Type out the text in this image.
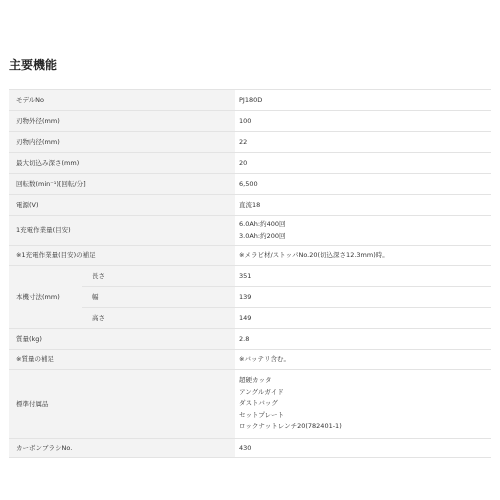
主要機能
モデルNo		PJ180D
刃物外径(mm)		100
刃物内径(mm)		22
最大切込み深さ(mm)		20
回転数(min⁻¹)[回転/分]		6,500
電源(V)		直流18
1充電作業量(目安)		6.0Ah:約400回
3.0Ah:約200回

※1充電作業量(目安)の補足		※メラビ材/ストッパNo.20(切込深さ12.3mm)時。
本機寸法(mm)	長さ	351
	幅	139
	高さ	149
質量(kg)		2.8
※質量の補足		※バッテリ含む。
標準付属品		超硬カッタ
アングルガイド
ダストバッグ
セットプレート
ロックナットレンチ20(782401-1)

カーボンブラシNo.		430
